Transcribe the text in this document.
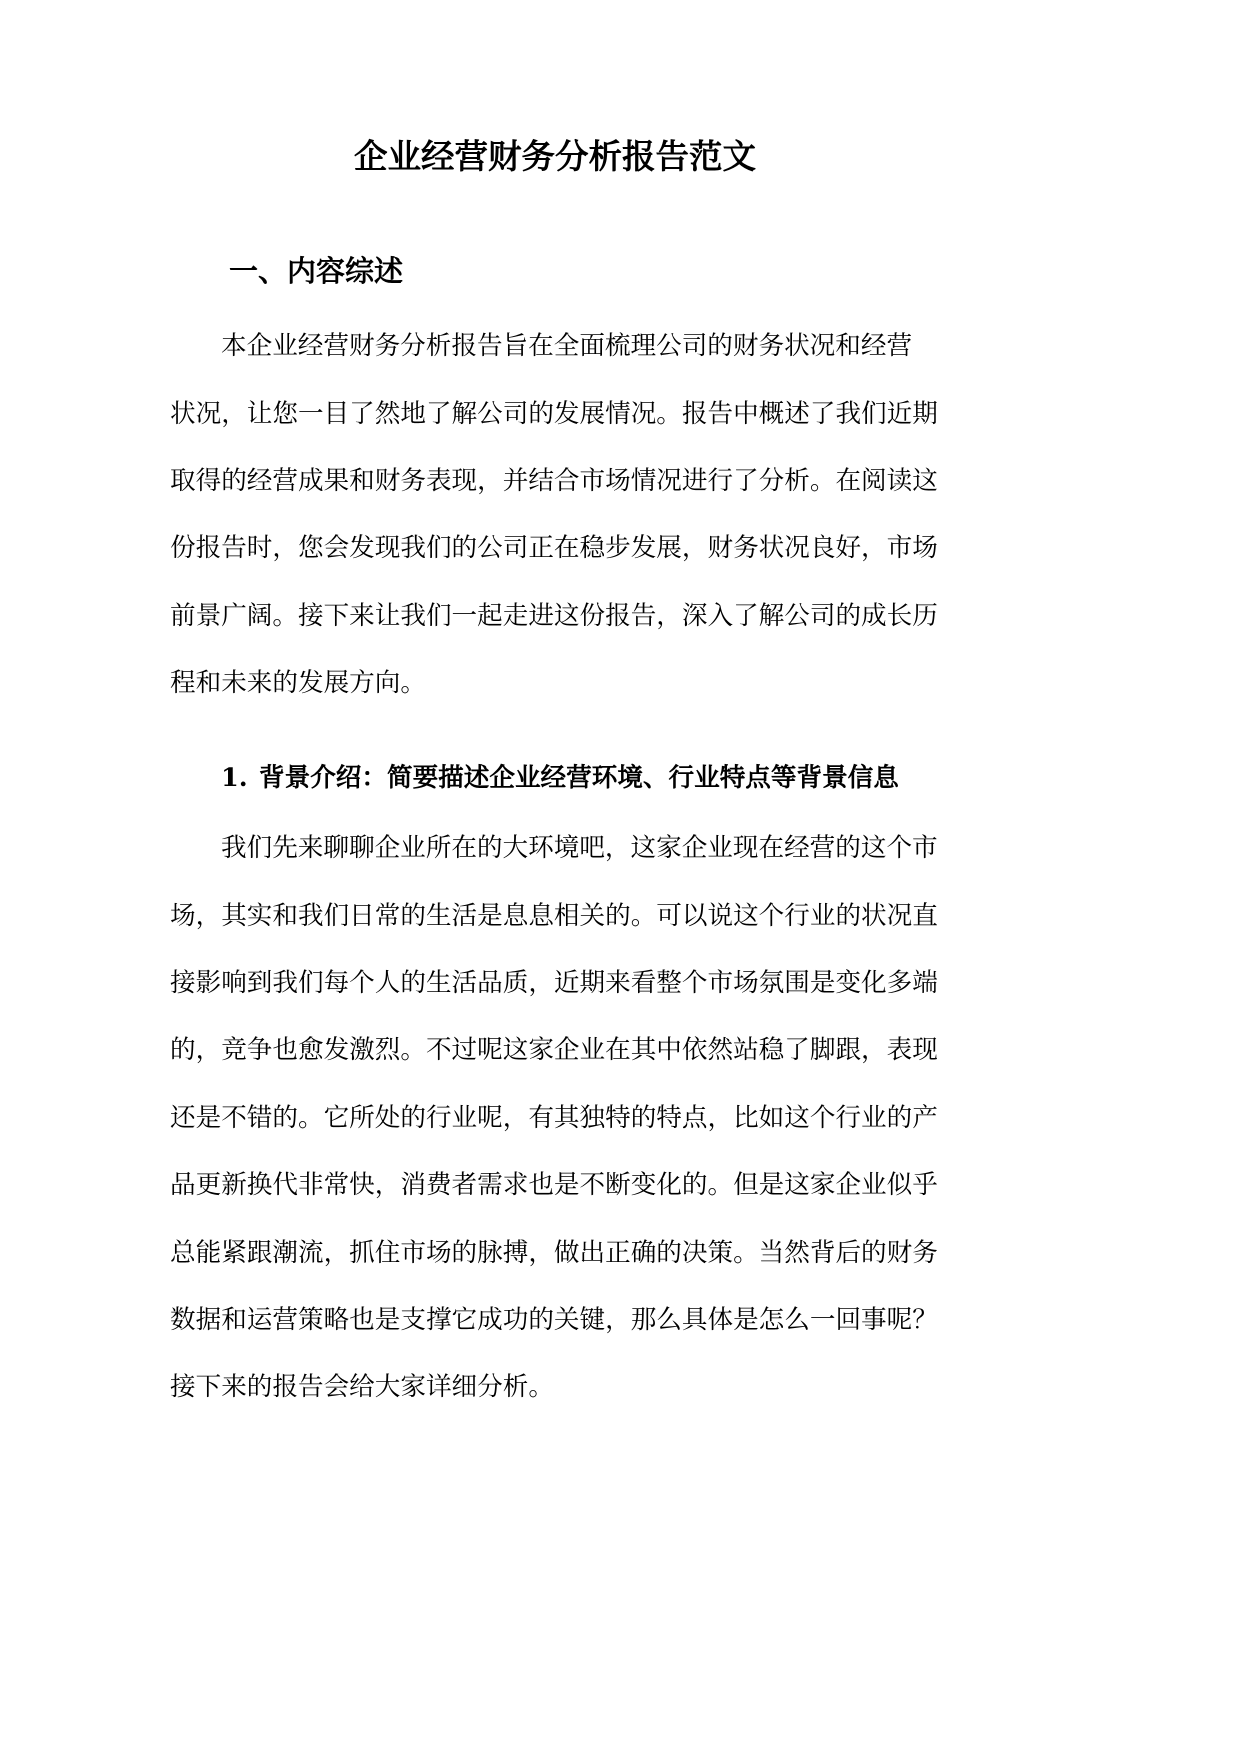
企业经营财务分析报告范文
一、内容综述
本企业经营财务分析报告旨在全面梳理公司的财务状况和经营
状况，让您一目了然地了解公司的发展情况。报告中概述了我们近期
取得的经营成果和财务表现，并结合市场情况进行了分析。在阅读这
份报告时，您会发现我们的公司正在稳步发展，财务状况良好，市场
前景广阔。接下来让我们一起走进这份报告，深入了解公司的成长历
程和未来的发展方向。
1. 背景介绍：简要描述企业经营环境、行业特点等背景信息
我们先来聊聊企业所在的大环境吧，这家企业现在经营的这个市
场，其实和我们日常的生活是息息相关的。可以说这个行业的状况直
接影响到我们每个人的生活品质，近期来看整个市场氛围是变化多端
的，竞争也愈发激烈。不过呢这家企业在其中依然站稳了脚跟，表现
还是不错的。它所处的行业呢，有其独特的特点，比如这个行业的产
品更新换代非常快，消费者需求也是不断变化的。但是这家企业似乎
总能紧跟潮流，抓住市场的脉搏，做出正确的决策。当然背后的财务
数据和运营策略也是支撑它成功的关键，那么具体是怎么一回事呢？
接下来的报告会给大家详细分析。
